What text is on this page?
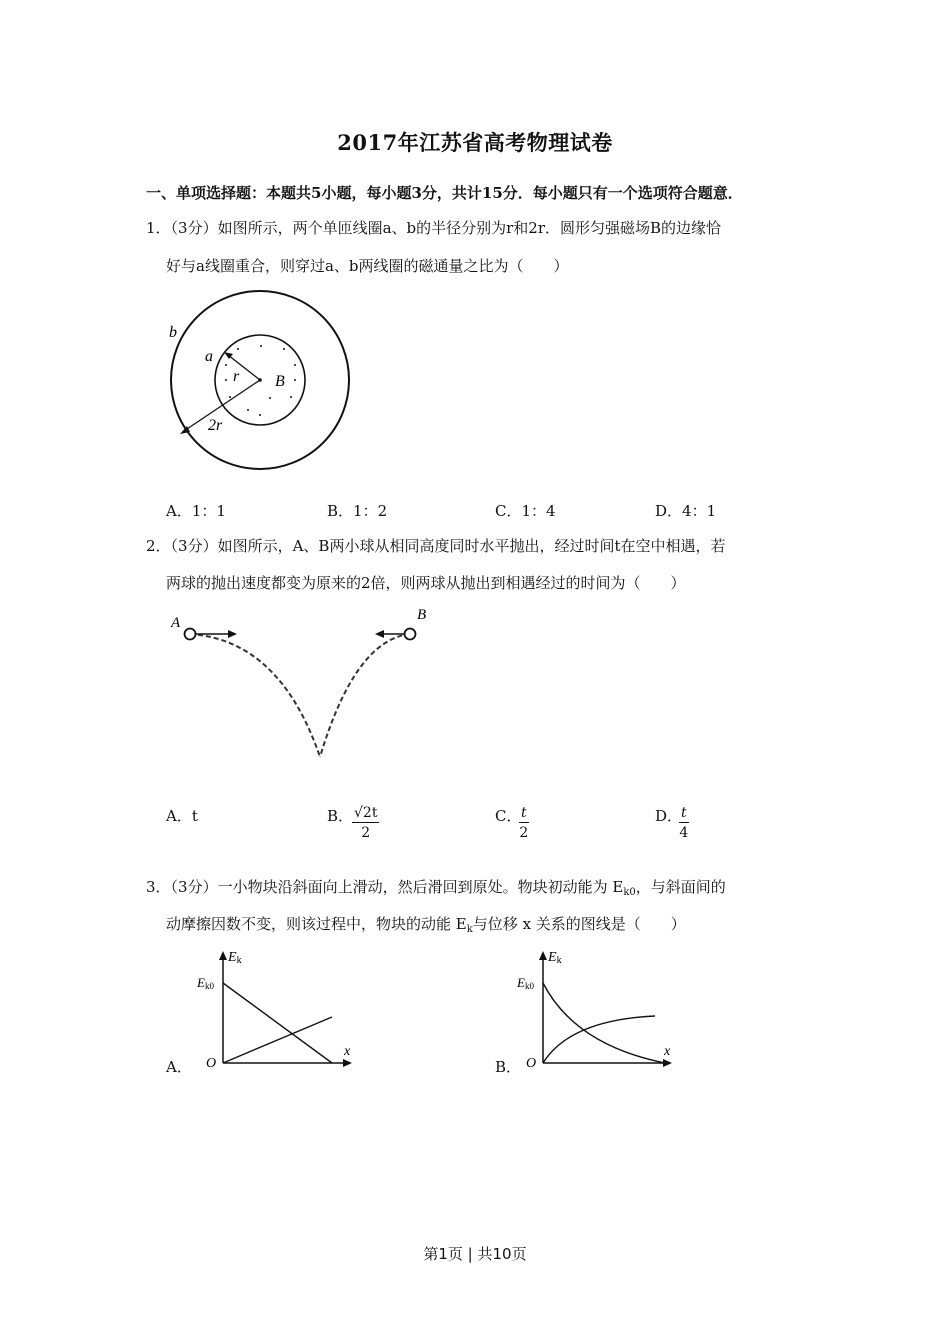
2017年江苏省高考物理试卷
一、单项选择题：本题共5小题，每小题3分，共计15分．每小题只有一个选项符合题意．
1．（3分）如图所示，两个单匝线圈a、b的半径分别为r和2r．圆形匀强磁场B的边缘恰
好与a线圈重合，则穿过a、b两线圈的磁通量之比为（　　）
b
a
r B
2r
A．1：1	B．1：2	C．1：4	D．4：1
2．（3分）如图所示，A、B两小球从相同高度同时水平抛出，经过时间t在空中相遇，若
两球的抛出速度都变为原来的2倍，则两球从抛出到相遇经过的时间为（　　）
A	B
A．t	B．
$\frac{√2t}{2}$	C．
$\frac{t}{2}$	D．
$\frac{t}{4}$
3．（3分）一小物块沿斜面向上滑动，然后滑回到原处。物块初动能为 $E_{k0}$，与斜面间的
动摩擦因数不变，则该过程中，物块的动能 $E_k$与位移 x 关系的图线是（　　）
Ek
Ek0
O
x
A．
Ek
Ek0
O
x
B．
第1页 | 共10页
